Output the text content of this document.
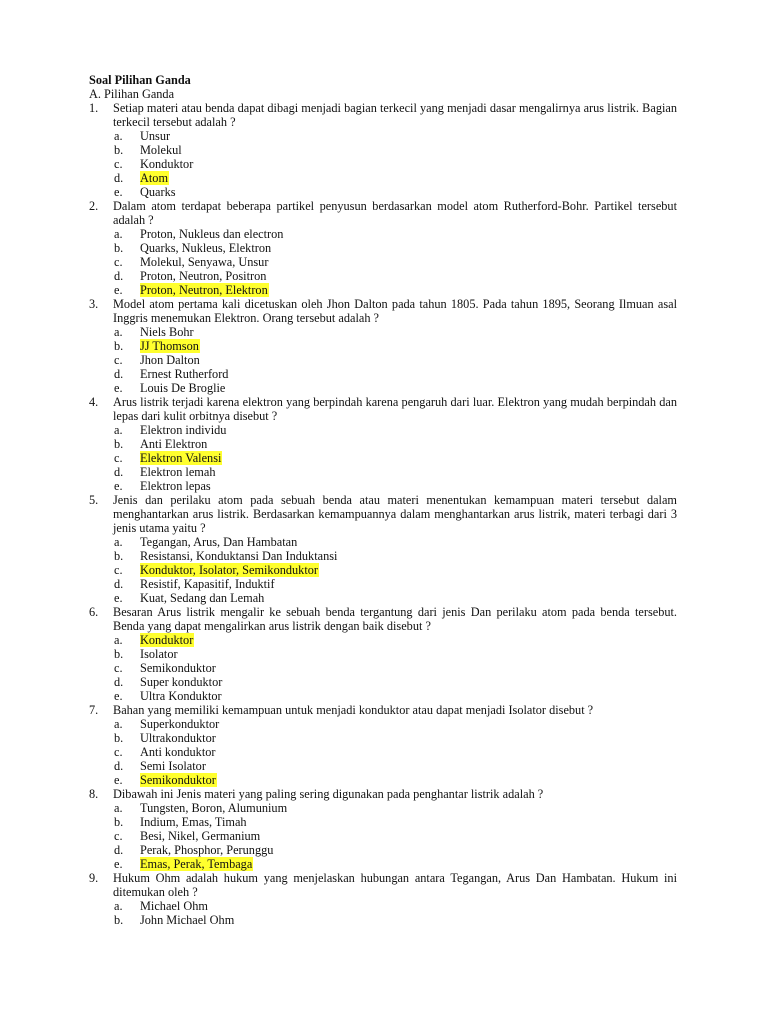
Soal Pilihan Ganda
A. Pilihan Ganda
1.	Setiap materi atau benda dapat dibagi menjadi bagian terkecil yang menjadi dasar mengalirnya arus listrik. Bagian terkecil tersebut adalah ?
a. Unsur
b. Molekul
c. Konduktor
d. Atom
e. Quarks
2.	Dalam atom terdapat beberapa partikel penyusun berdasarkan model atom Rutherford-Bohr. Partikel tersebut adalah ?
a. Proton, Nukleus dan electron
b. Quarks, Nukleus, Elektron
c. Molekul, Senyawa, Unsur
d. Proton, Neutron, Positron
e. Proton, Neutron, Elektron
3.	Model atom pertama kali dicetuskan oleh Jhon Dalton pada tahun 1805. Pada tahun 1895, Seorang Ilmuan asal Inggris menemukan Elektron. Orang tersebut adalah ?
a. Niels Bohr
b. JJ Thomson
c. Jhon Dalton
d. Ernest Rutherford
e. Louis De Broglie
4.	Arus listrik terjadi karena elektron yang berpindah karena pengaruh dari luar. Elektron yang mudah berpindah dan lepas dari kulit orbitnya disebut ?
a. Elektron individu
b. Anti Elektron
c. Elektron Valensi
d. Elektron lemah
e. Elektron lepas
5.	Jenis dan perilaku atom pada sebuah benda atau materi menentukan kemampuan materi tersebut dalam menghantarkan arus listrik. Berdasarkan kemampuannya dalam menghantarkan arus listrik, materi terbagi dari 3 jenis utama yaitu ?
a. Tegangan, Arus, Dan Hambatan
b. Resistansi, Konduktansi Dan Induktansi
c. Konduktor, Isolator, Semikonduktor
d. Resistif, Kapasitif, Induktif
e. Kuat, Sedang dan Lemah
6.	Besaran Arus listrik mengalir ke sebuah benda tergantung dari jenis Dan perilaku atom pada benda tersebut. Benda yang dapat mengalirkan arus listrik dengan baik disebut ?
a. Konduktor
b. Isolator
c. Semikonduktor
d. Super konduktor
e. Ultra Konduktor
7.	Bahan yang memiliki kemampuan untuk menjadi konduktor atau dapat menjadi Isolator disebut ?
a. Superkonduktor
b. Ultrakonduktor
c. Anti konduktor
d. Semi Isolator
e. Semikonduktor
8.	Dibawah ini Jenis materi yang paling sering digunakan pada penghantar listrik adalah ?
a. Tungsten, Boron, Alumunium
b. Indium, Emas, Timah
c. Besi, Nikel, Germanium
d. Perak, Phosphor, Perunggu
e. Emas, Perak, Tembaga
9.	Hukum Ohm adalah hukum yang menjelaskan hubungan antara Tegangan, Arus Dan Hambatan. Hukum ini ditemukan oleh ?
a. Michael Ohm
b. John Michael Ohm
